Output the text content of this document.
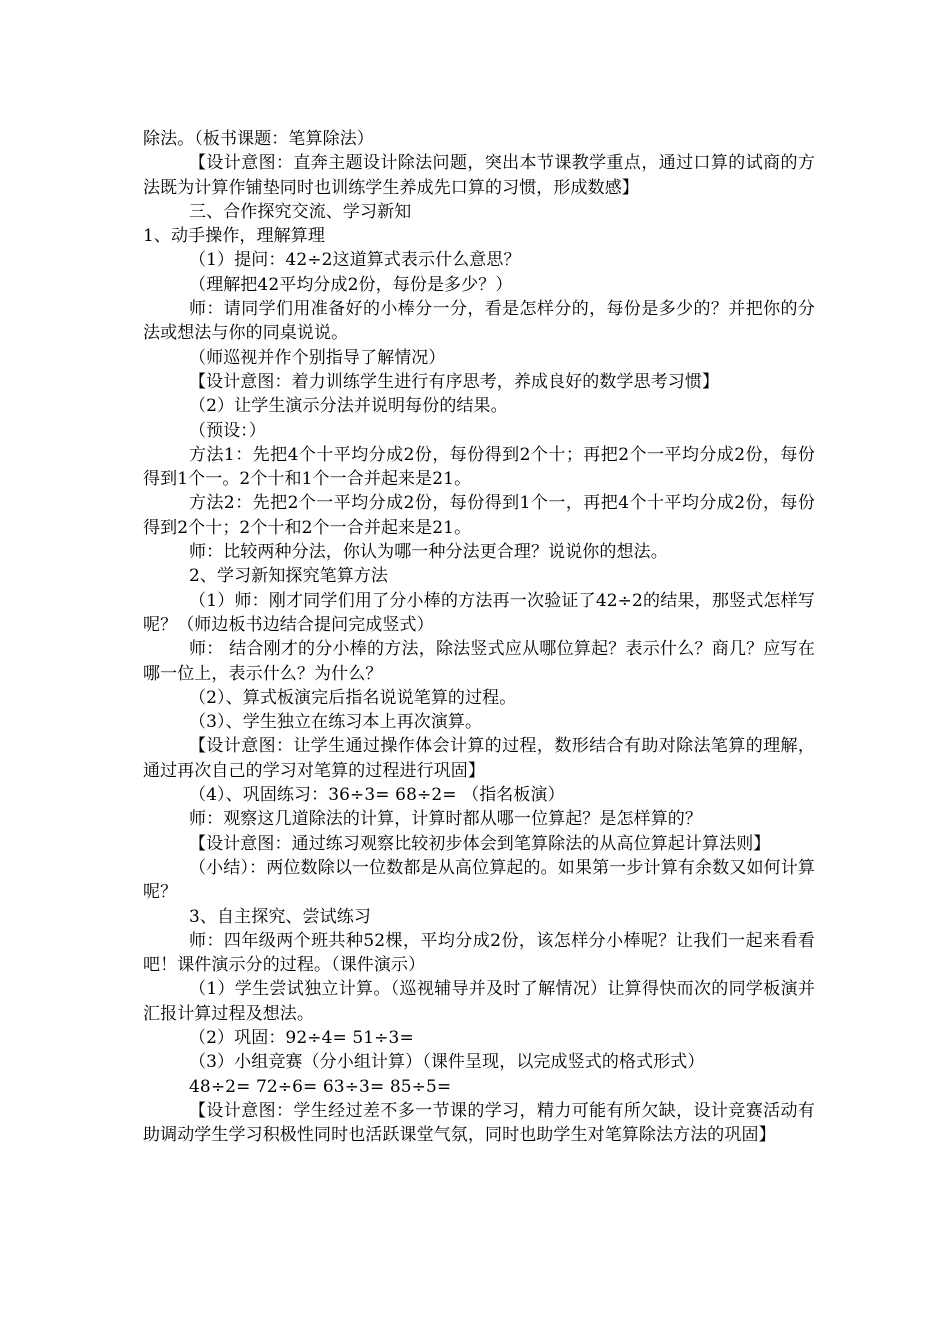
除法。（板书课题：笔算除法）

【设计意图：直奔主题设计除法问题，突出本节课教学重点，通过口算的试商的方法既为计算作铺垫同时也训练学生养成先口算的习惯，形成数感】

三、合作探究交流、学习新知

1、动手操作，理解算理

（1）提问：42÷2这道算式表示什么意思？

（理解把42平均分成2份，每份是多少？）

师：请同学们用准备好的小棒分一分，看是怎样分的，每份是多少的？并把你的分法或想法与你的同桌说说。

（师巡视并作个别指导了解情况）

【设计意图：着力训练学生进行有序思考，养成良好的数学思考习惯】

（2）让学生演示分法并说明每份的结果。

（预设：）

方法1：先把4个十平均分成2份，每份得到2个十；再把2个一平均分成2份，每份得到1个一。2个十和1个一合并起来是21。

方法2：先把2个一平均分成2份，每份得到1个一，再把4个十平均分成2份，每份得到2个十；2个十和2个一合并起来是21。

师：比较两种分法，你认为哪一种分法更合理？说说你的想法。

2、学习新知探究笔算方法

（1）师：刚才同学们用了分小棒的方法再一次验证了42÷2的结果，那竖式怎样写呢？（师边板书边结合提问完成竖式）

师： 结合刚才的分小棒的方法，除法竖式应从哪位算起？表示什么？商几？应写在哪一位上，表示什么？为什么？

（2）、算式板演完后指名说说笔算的过程。

（3）、学生独立在练习本上再次演算。

【设计意图：让学生通过操作体会计算的过程，数形结合有助对除法笔算的理解，通过再次自己的学习对笔算的过程进行巩固】

（4）、巩固练习：36÷3= 68÷2= （指名板演）

师：观察这几道除法的计算，计算时都从哪一位算起？是怎样算的？

【设计意图：通过练习观察比较初步体会到笔算除法的从高位算起计算法则】

（小结）：两位数除以一位数都是从高位算起的。如果第一步计算有余数又如何计算呢？

3、自主探究、尝试练习

师：四年级两个班共种52棵，平均分成2份，该怎样分小棒呢？让我们一起来看看吧！课件演示分的过程。（课件演示）

（1）学生尝试独立计算。（巡视辅导并及时了解情况）让算得快而次的同学板演并汇报计算过程及想法。

（2）巩固：92÷4= 51÷3=

（3）小组竞赛（分小组计算）（课件呈现，以完成竖式的格式形式）

48÷2= 72÷6= 63÷3= 85÷5=

【设计意图：学生经过差不多一节课的学习，精力可能有所欠缺，设计竞赛活动有助调动学生学习积极性同时也活跃课堂气氛，同时也助学生对笔算除法方法的巩固】
